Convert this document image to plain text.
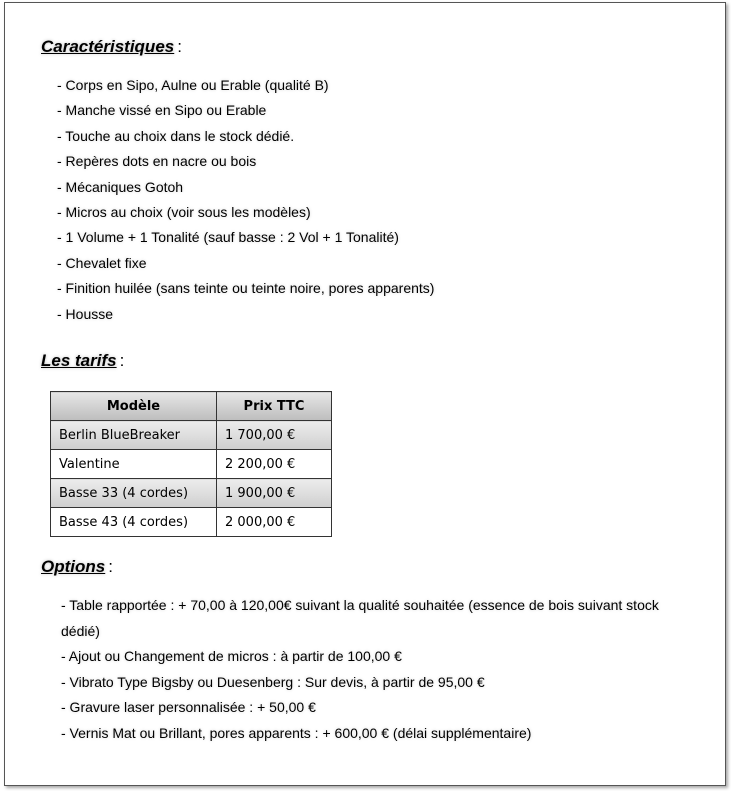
Caractéristiques :
- Corps en Sipo, Aulne ou Erable (qualité B)
- Manche vissé en Sipo ou Erable
- Touche au choix dans le stock dédié.
- Repères dots en nacre ou bois
- Mécaniques Gotoh
- Micros au choix (voir sous les modèles)
- 1 Volume + 1 Tonalité (sauf basse : 2 Vol + 1 Tonalité)
- Chevalet fixe
- Finition huilée (sans teinte ou teinte noire, pores apparents)
- Housse
Les tarifs :
Modèle	Prix TTC
Berlin BlueBreaker	1 700,00 €
Valentine	2 200,00 €
Basse 33 (4 cordes)	1 900,00 €
Basse 43 (4 cordes)	2 000,00 €
Options :
- Table rapportée : + 70,00 à 120,00€ suivant la qualité souhaitée (essence de bois suivant stock dédié)
- Ajout ou Changement de micros : à partir de 100,00 €
- Vibrato Type Bigsby ou Duesenberg : Sur devis, à partir de 95,00 €
- Gravure laser personnalisée : + 50,00 €
- Vernis Mat ou Brillant, pores apparents : + 600,00 € (délai supplémentaire)
